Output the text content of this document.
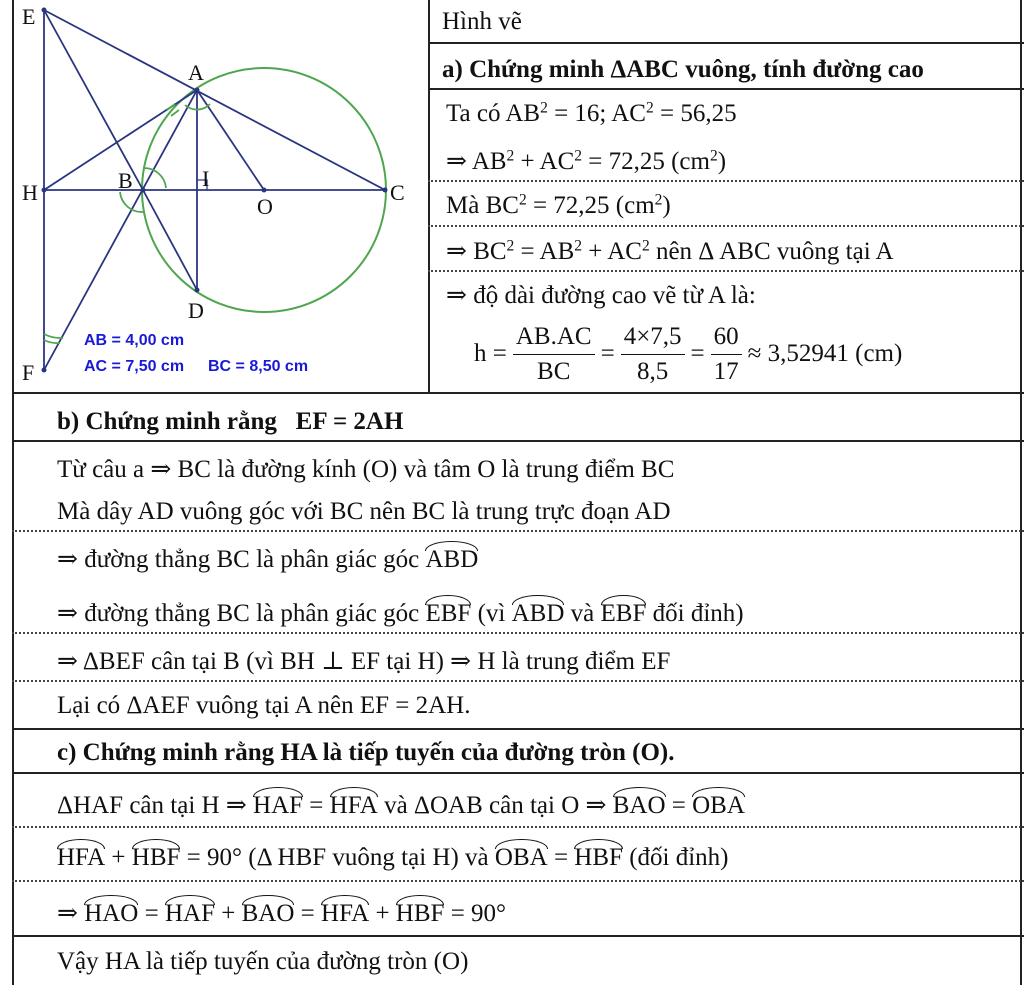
E
A
H	B	I
O
C
D
F
AB = 4,00 cm
AC = 7,50 cm BC = 8,50 cm
Hình vẽ
a) Chứng minh ΔABC vuông, tính đường cao
Ta có $AB^2 = 16$; $AC^2 = 56,25$
⇒ $AB^2 + AC^2 = 72,25$ $(cm^2)$
Mà $BC^2 = 72,25$ $(cm^2)$
⇒ $BC^2 = AB^2 + AC^2$ nên Δ ABC vuông tại A
⇒ độ dài đường cao vẽ từ A là:
$h = \frac{AB.AC}{BC} = \frac{4\times 7,5}{8,5} = \frac{60}{17} \approx 3,52941$ (cm)
b) Chứng minh rằng EF = 2AH
Từ câu a ⇒ BC là đường kính (O) và tâm O là trung điểm BC
Mà dây AD vuông góc với BC nên BC là trung trực đoạn AD
⇒ đường thẳng BC là phân giác góc ABD
⇒ đường thẳng BC là phân giác góc EBF (vì ABD và EBF đối đỉnh)
⇒ ΔBEF cân tại B (vì BH ⊥ EF tại H) ⇒ H là trung điểm EF
Lại có ΔAEF vuông tại A nên EF = 2AH.
c) Chứng minh rằng HA là tiếp tuyến của đường tròn (O).
ΔHAF cân tại H ⇒ HAF = HFA và ΔOAB cân tại O ⇒ BAO = OBA
HFA + HBF = 90° (Δ HBF vuông tại H) và OBA = HBF (đối đỉnh)
⇒ HAO = HAF + BAO = HFA + HBF = 90°
Vậy HA là tiếp tuyến của đường tròn (O)
